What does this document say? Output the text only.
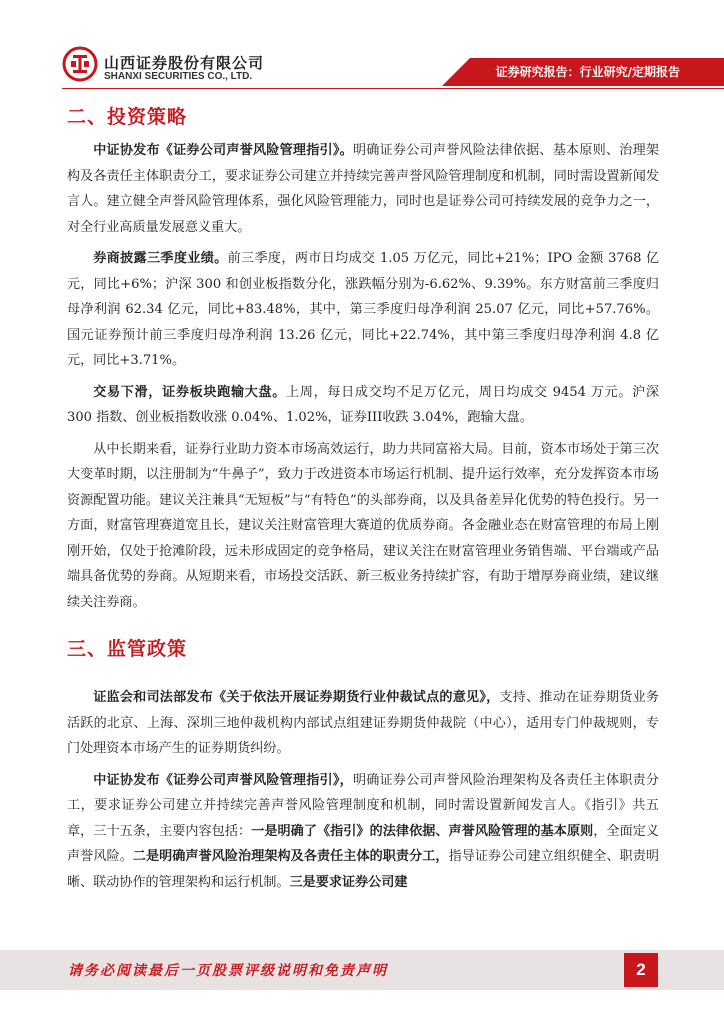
山西证券股份有限公司
SHANXI SECURITIES CO., LTD.	证券研究报告：行业研究/定期报告
二、投资策略

中证协发布《证券公司声誉风险管理指引》。明确证券公司声誉风险法律依据、基本原则、治理架构及各责任主体职责分工，要求证券公司建立并持续完善声誉风险管理制度和机制，同时需设置新闻发言人。建立健全声誉风险管理体系，强化风险管理能力，同时也是证券公司可持续发展的竞争力之一，对全行业高质量发展意义重大。

券商披露三季度业绩。前三季度，两市日均成交 1.05 万亿元，同比+21%；IPO 金额 3768 亿元，同比+6%；沪深 300 和创业板指数分化，涨跌幅分别为-6.62%、9.39%。东方财富前三季度归母净利润 62.34 亿元，同比+83.48%，其中，第三季度归母净利润 25.07 亿元，同比+57.76%。国元证券预计前三季度归母净利润 13.26 亿元，同比+22.74%，其中第三季度归母净利润 4.8 亿元，同比+3.71%。

交易下滑，证券板块跑输大盘。上周，每日成交均不足万亿元，周日均成交 9454 万元。沪深 300 指数、创业板指数收涨 0.04%、1.02%，证券III收跌 3.04%，跑输大盘。

从中长期来看，证券行业助力资本市场高效运行，助力共同富裕大局。目前，资本市场处于第三次大变革时期，以注册制为“牛鼻子”，致力于改进资本市场运行机制、提升运行效率，充分发挥资本市场资源配置功能。建议关注兼具“无短板”与“有特色”的头部券商，以及具备差异化优势的特色投行。另一方面，财富管理赛道宽且长，建议关注财富管理大赛道的优质券商。各金融业态在财富管理的布局上刚刚开始，仅处于抢滩阶段，远未形成固定的竞争格局，建议关注在财富管理业务销售端、平台端或产品端具备优势的券商。从短期来看，市场投交活跃、新三板业务持续扩容，有助于增厚券商业绩，建议继续关注券商。

三、监管政策

证监会和司法部发布《关于依法开展证券期货行业仲裁试点的意见》，支持、推动在证券期货业务活跃的北京、上海、深圳三地仲裁机构内部试点组建证券期货仲裁院（中心），适用专门仲裁规则，专门处理资本市场产生的证券期货纠纷。

中证协发布《证券公司声誉风险管理指引》，明确证券公司声誉风险治理架构及各责任主体职责分工，要求证券公司建立并持续完善声誉风险管理制度和机制，同时需设置新闻发言人。《指引》共五章，三十五条，主要内容包括：一是明确了《指引》的法律依据、声誉风险管理的基本原则，全面定义声誉风险。二是明确声誉风险治理架构及各责任主体的职责分工，指导证券公司建立组织健全、职责明晰、联动协作的管理架构和运行机制。三是要求证券公司建

请务必阅读最后一页股票评级说明和免责声明	2
